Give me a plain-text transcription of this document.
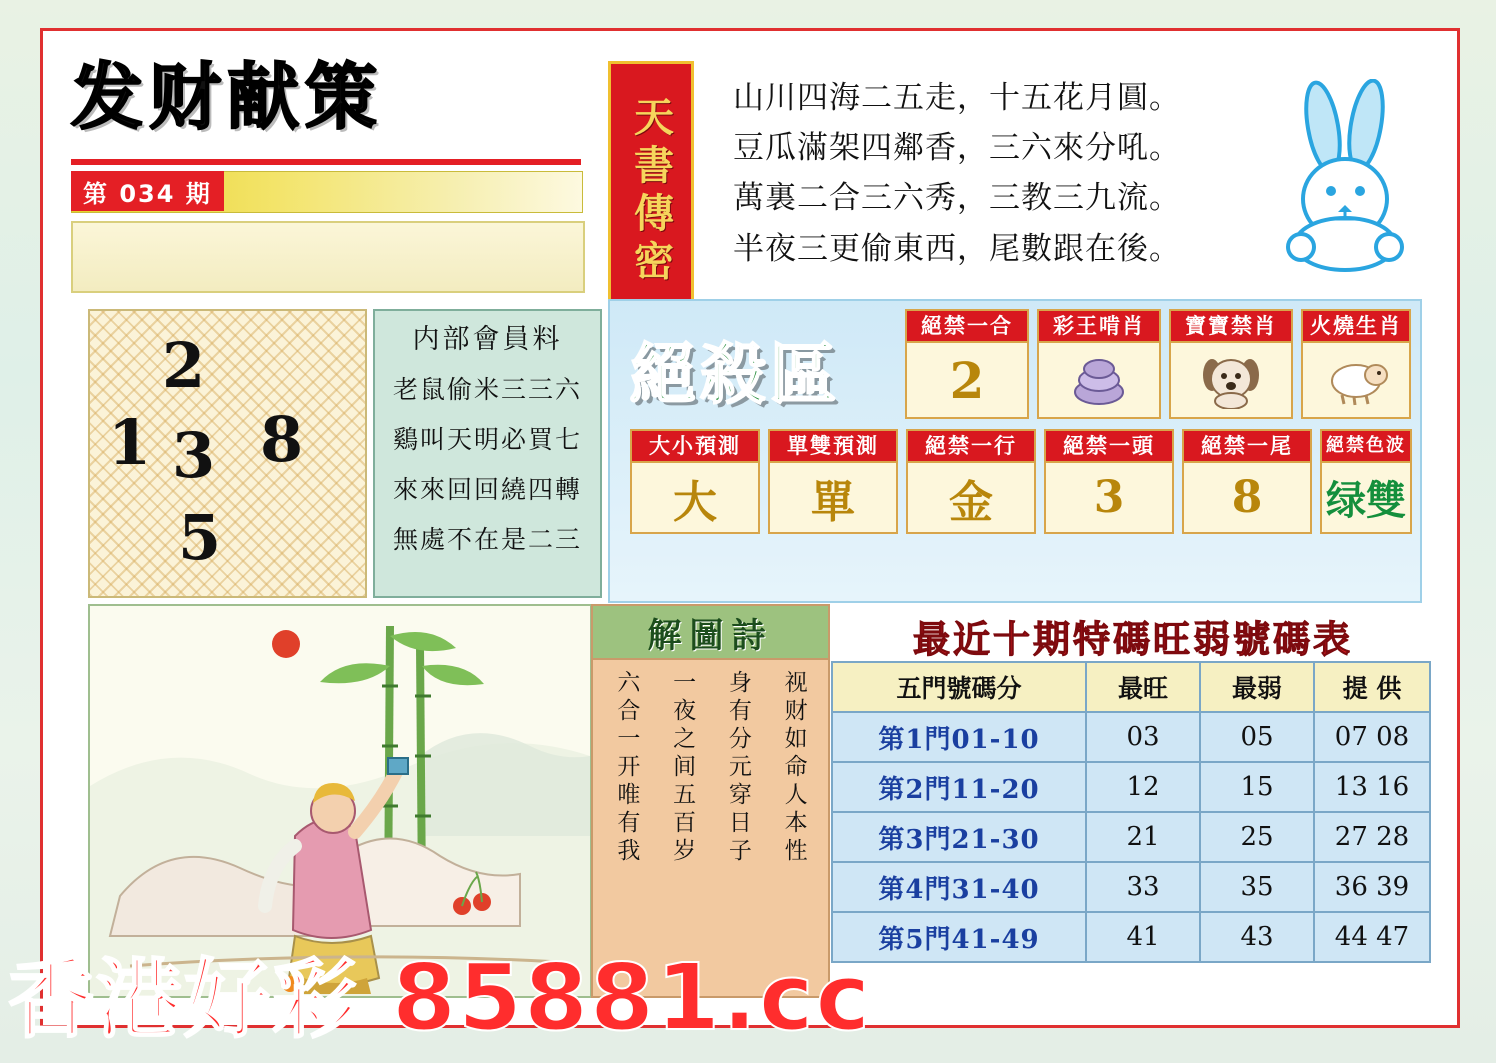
发财献策
第 034 期	天書傳密 山川四海二五走，十五花月圓。
豆瓜滿架四鄰香，三六來分吼。
萬裏二合三六秀，三教三九流。
半夜三更偷東西，尾數跟在後。
2
1 3 8
5
内部會員料
老鼠偷米三三六
鷄叫天明必買七
來來回回繞四轉
無處不在是二三
絕殺區
絕禁一合
2
彩王啃肖	寶寶禁肖	火燒生肖
大小預測
大
單雙預測
單
絕禁一行
金
絕禁一頭
3
絕禁一尾
8
絕禁色波
绿雙
解圖詩
视财如命人本性
身有分元穿日子
一夜之间五百岁
六合一开唯有我
最近十期特碼旺弱號碼表
五門號碼分	最旺	最弱	提 供
第1門01-10	03	05	07 08
第2門11-20	12	15	13 16
第3門21-30	21	25	27 28
第4門31-40	33	35	36 39
第5門41-49	41	43	44 47
香港好彩 85881.cc
